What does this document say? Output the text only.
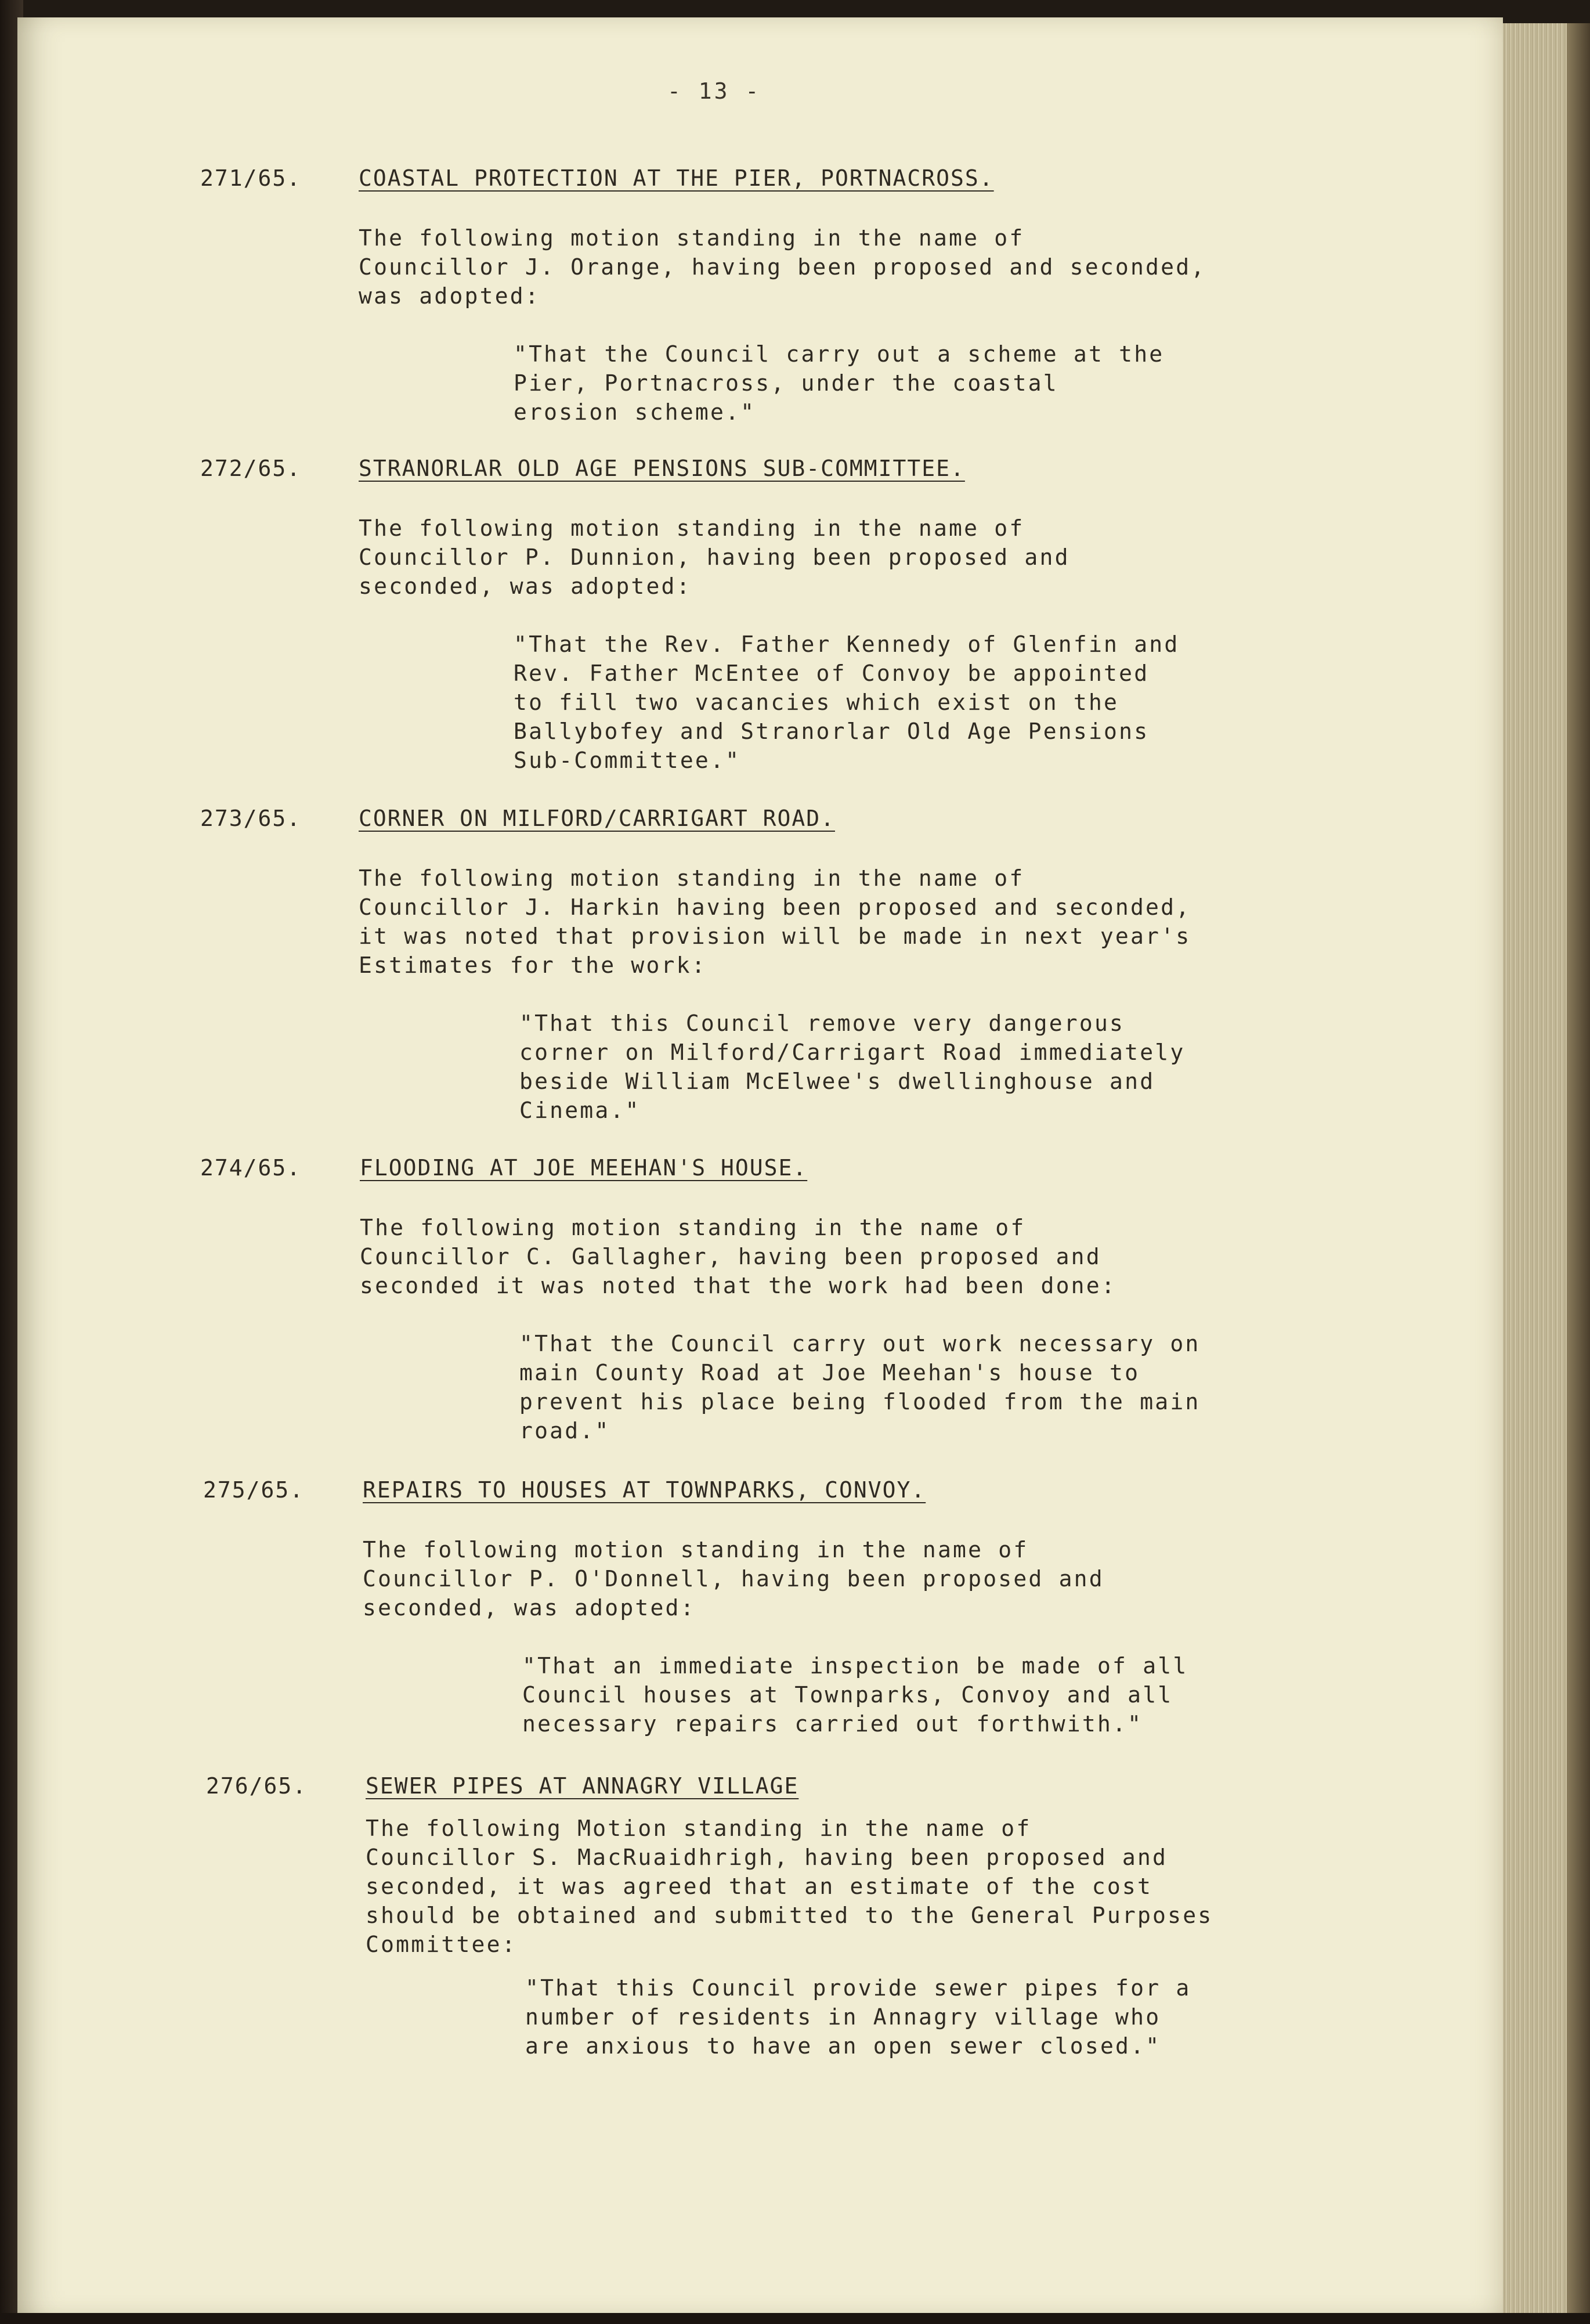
- 13 -
271/65.	COASTAL PROTECTION AT THE PIER, PORTNACROSS.
The following motion standing in the name of
Councillor J. Orange, having been proposed and seconded,
was adopted:
"That the Council carry out a scheme at the
Pier, Portnacross, under the coastal
erosion scheme."
272/65.	STRANORLAR OLD AGE PENSIONS SUB-COMMITTEE.
The following motion standing in the name of
Councillor P. Dunnion, having been proposed and
seconded, was adopted:
"That the Rev. Father Kennedy of Glenfin and
Rev. Father McEntee of Convoy be appointed
to fill two vacancies which exist on the
Ballybofey and Stranorlar Old Age Pensions
Sub-Committee."
273/65.	CORNER ON MILFORD/CARRIGART ROAD.
The following motion standing in the name of
Councillor J. Harkin having been proposed and seconded,
it was noted that provision will be made in next year's
Estimates for the work:
"That this Council remove very dangerous
corner on Milford/Carrigart Road immediately
beside William McElwee's dwellinghouse and
Cinema."
274/65.	FLOODING AT JOE MEEHAN'S HOUSE.
The following motion standing in the name of
Councillor C. Gallagher, having been proposed and
seconded it was noted that the work had been done:
"That the Council carry out work necessary on
main County Road at Joe Meehan's house to
prevent his place being flooded from the main
road."
275/65.	REPAIRS TO HOUSES AT TOWNPARKS, CONVOY.
The following motion standing in the name of
Councillor P. O'Donnell, having been proposed and
seconded, was adopted:
"That an immediate inspection be made of all
Council houses at Townparks, Convoy and all
necessary repairs carried out forthwith."
276/65.	SEWER PIPES AT ANNAGRY VILLAGE
The following Motion standing in the name of
Councillor S. MacRuaidhrigh, having been proposed and
seconded, it was agreed that an estimate of the cost
should be obtained and submitted to the General Purposes
Committee:
"That this Council provide sewer pipes for a
number of residents in Annagry village who
are anxious to have an open sewer closed."
